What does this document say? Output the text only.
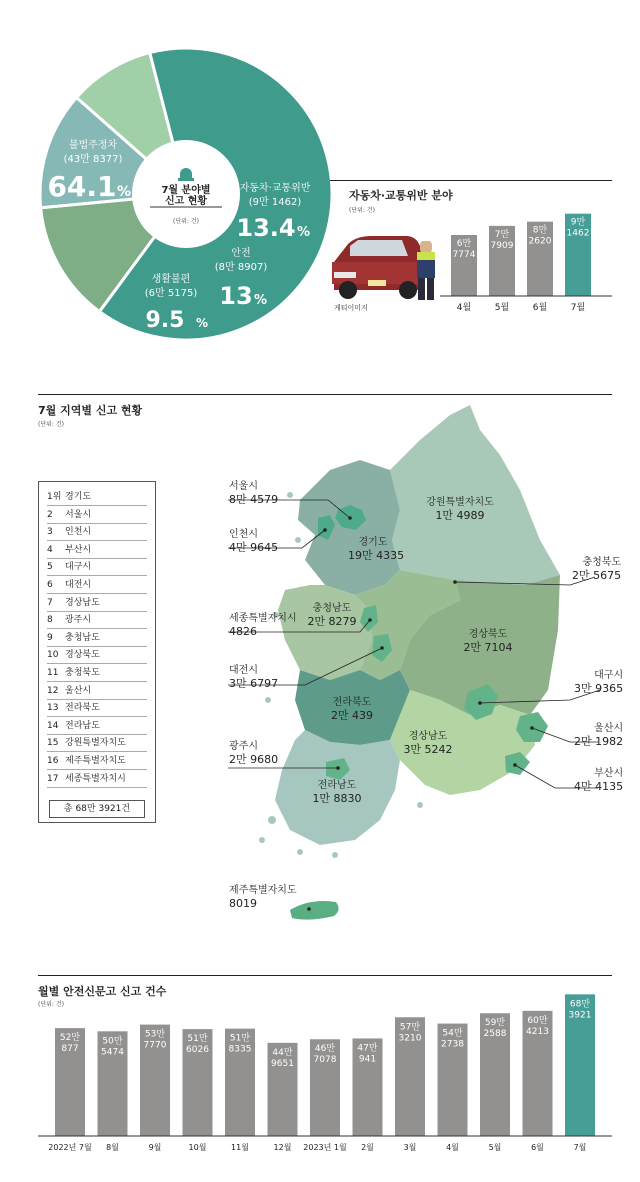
7월 분야별
신고 현황
(단위: 건)
불법주정차
(43만 8377)
64.1 %	자동차·교통위반
(9만 1462)
13.4 %
안전
(8만 8907)
13 %
생활불편
(6만 5175)
9.5 %
자동차·교통위반 분야
(단위: 건)
게티이미지
6만
7774
4월
7만
7909
5월
8만
2620
6월
9만
1462
7월
7월 지역별 신고 현황
(단위: 건)
1위 경기도
2 서울시
3 인천시
4 부산시
5 대구시
6 대전시
7 경상남도
8 광주시
9 충청남도
10 경상북도
11 충청북도
12 울산시
13 전라북도
14 전라남도
15 강원특별자치도
16 제주특별자치도
17 세종특별자치시
총 68만 3921건
서울시
8만 4579
인천시
4만 9645
충청북도
2만 5675
세종특별자치시
4826
대전시
3만 6797
대구시
3만 9365
울산시
2만 1982
광주시
2만 9680
부산시
4만 4135
제주특별자치도
8019
경기도
19만 4335
강원특별자치도
1만 4989
충청남도
2만 8279
경상북도
2만 7104
전라북도
2만 439
경상남도
3만 5242
전라남도
1만 8830
월별 안전신문고 신고 건수
(단위: 건)
52만
877
2022년 7월
50만
5474
8월
53만
7770
9월
51만
6026
10월
51만
8335
11월
44만
9651
12월
46만
7078
2023년 1월
47만
941
2월
57만
3210
3월
54만
2738
4월
59만
2588
5월
60만
4213
6월
68만
3921
7월
